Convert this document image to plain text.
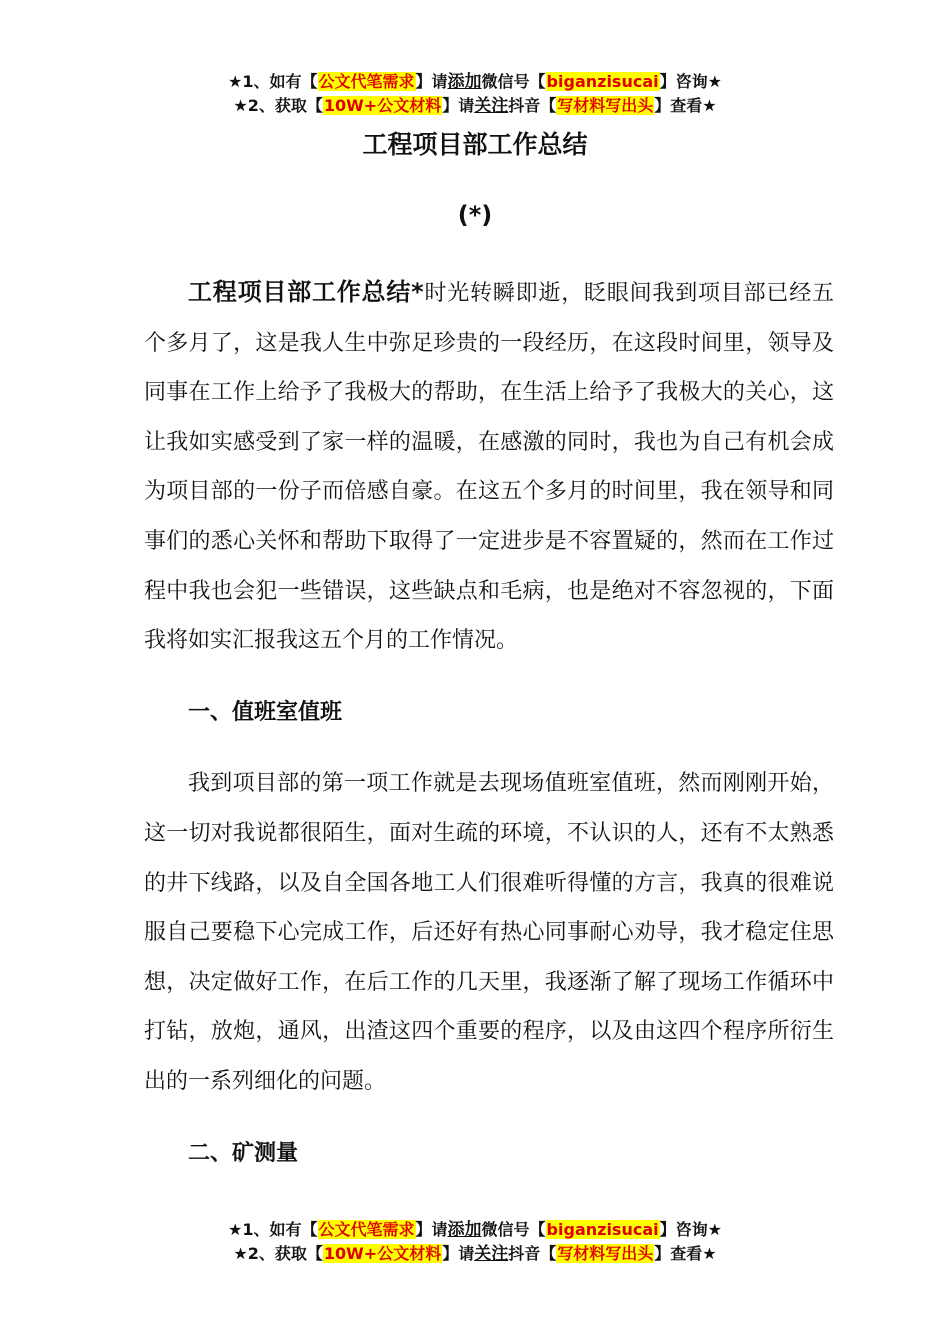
★1、如有【公文代笔需求】请添加微信号【biganzisucai】咨询★
★2、获取【10W+公文材料】请关注抖音【写材料写出头】查看★
工程项目部工作总结
(*)

工程项目部工作总结*时光转瞬即逝，眨眼间我到项目部已经五个多月了，这是我人生中弥足珍贵的一段经历，在这段时间里，领导及同事在工作上给予了我极大的帮助，在生活上给予了我极大的关心，这让我如实感受到了家一样的温暖，在感激的同时，我也为自己有机会成为项目部的一份子而倍感自豪。在这五个多月的时间里，我在领导和同事们的悉心关怀和帮助下取得了一定进步是不容置疑的，然而在工作过程中我也会犯一些错误，这些缺点和毛病，也是绝对不容忽视的，下面我将如实汇报我这五个月的工作情况。

一、值班室值班

我到项目部的第一项工作就是去现场值班室值班，然而刚刚开始，这一切对我说都很陌生，面对生疏的环境，不认识的人，还有不太熟悉的井下线路，以及自全国各地工人们很难听得懂的方言，我真的很难说服自己要稳下心完成工作，后还好有热心同事耐心劝导，我才稳定住思想，决定做好工作，在后工作的几天里，我逐渐了解了现场工作循环中打钻，放炮，通风，出渣这四个重要的程序，以及由这四个程序所衍生出的一系列细化的问题。

二、矿测量

★1、如有【公文代笔需求】请添加微信号【biganzisucai】咨询★
★2、获取【10W+公文材料】请关注抖音【写材料写出头】查看★
